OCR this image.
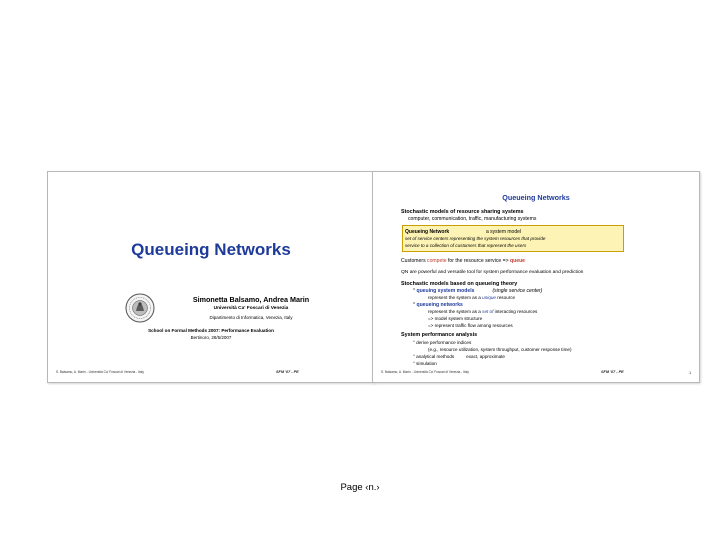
Queueing Networks
Simonetta Balsamo, Andrea Marin
Università Ca' Foscari di Venezia
Dipartimento di Informatica, Venezia, Italy
School on Formal Methods 2007: Performance Evaluation
Bertinoro, 28/5/2007
S. Balsamo, A. Marin - Università Ca' Foscari di Venezia - Italy	SFM '07 - PE
Queueing Networks
Stochastic models of resource sharing systems
computer, communication, traffic, manufacturing systems
Queueing Network	a system model
set of service centers representing the system resources that provide
service to a collection of customers that represent the users
Customers compete for the resource service => queue
QN are powerful and versatile tool for system performance evaluation and prediction
Stochastic models based on queueing theory
° queuing system models	(single service center)
represent the system as a unique resource
° queueing networks
represent the system as a set of interacting resources
=> model system structure
=> represent traffic flow among resources
System performance analysis
° derive performance indices
(e.g., resource utilization, system throughput, customer response time)
° analytical methods	exact, approximate
° simulation
S. Balsamo, A. Marin - Università Ca' Foscari di Venezia - Italy	SFM '07 - PE	1
Page ‹n.›
